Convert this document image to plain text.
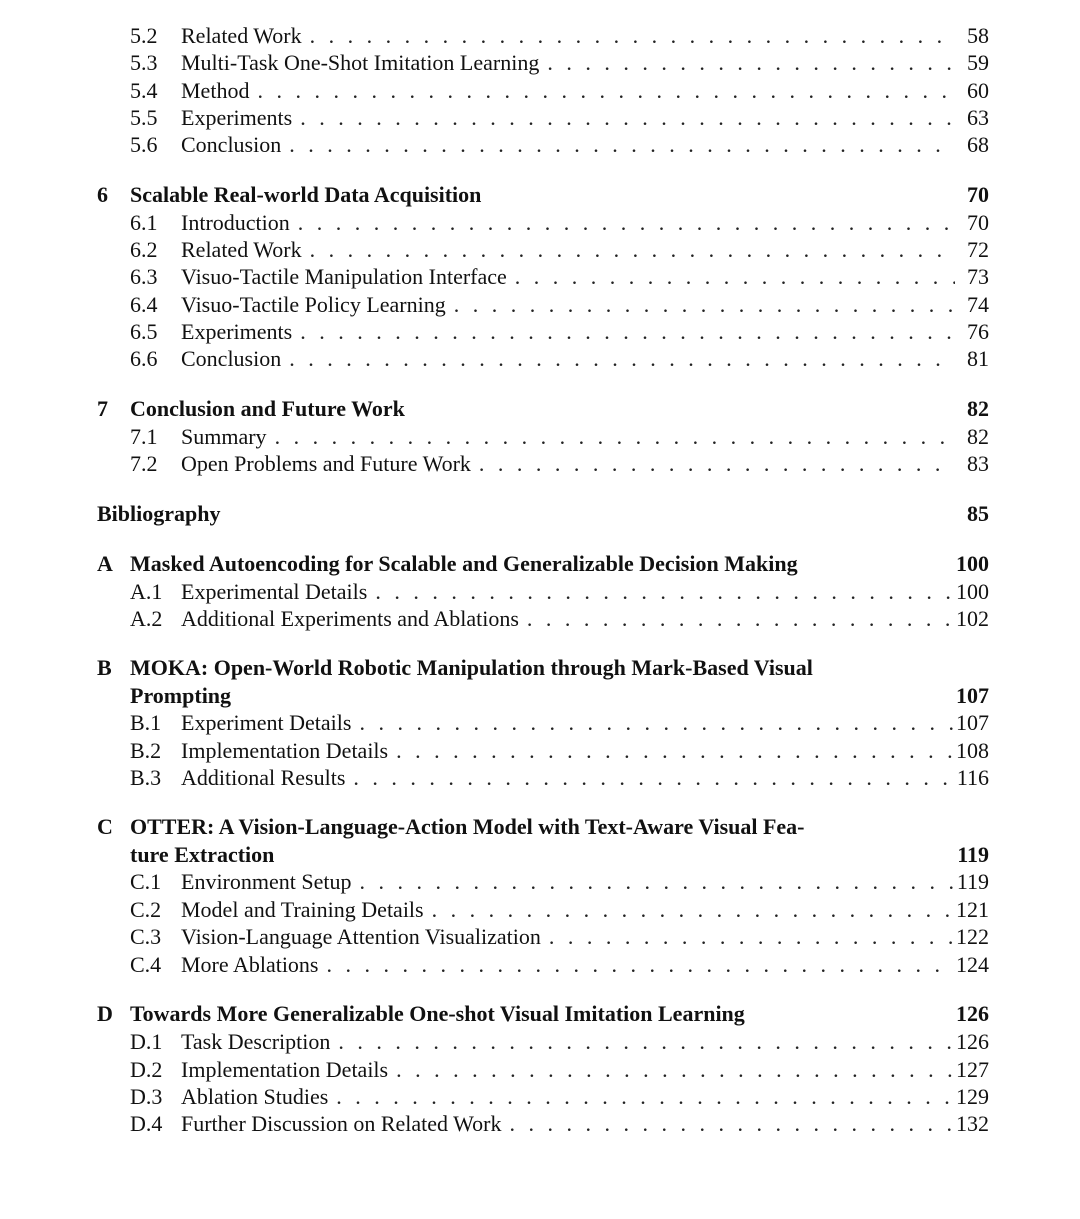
5.2	Related Work . . .	58
5.3	Multi-Task One-Shot Imitation Learning . . .	59
5.4	Method . . .	60
5.5	Experiments . . .	63
5.6	Conclusion . . .	68
6	Scalable Real-world Data Acquisition	70
6.1	Introduction . . .	70
6.2	Related Work . . .	72
6.3	Visuo-Tactile Manipulation Interface . . .	73
6.4	Visuo-Tactile Policy Learning . . .	74
6.5	Experiments . . .	76
6.6	Conclusion . . .	81
7	Conclusion and Future Work	82
7.1	Summary . . .	82
7.2	Open Problems and Future Work . . .	83
Bibliography	85
A Masked Autoencoding for Scalable and Generalizable Decision Making	100
A.1 Experimental Details . . .	100
A.2 Additional Experiments and Ablations . . .	102
B MOKA: Open-World Robotic Manipulation through Mark-Based Visual
Prompting	107
B.1 Experiment Details . . .	107
B.2 Implementation Details . . .	108
B.3 Additional Results . . .	116
C OTTER: A Vision-Language-Action Model with Text-Aware Visual Fea-
ture Extraction	119
C.1 Environment Setup . . .	119
C.2 Model and Training Details . . .	121
C.3 Vision-Language Attention Visualization . . .	122
C.4 More Ablations . . .	124
D Towards More Generalizable One-shot Visual Imitation Learning	126
D.1 Task Description . . .	126
D.2 Implementation Details . . .	127
D.3 Ablation Studies . . .	129
D.4 Further Discussion on Related Work . . .	132
